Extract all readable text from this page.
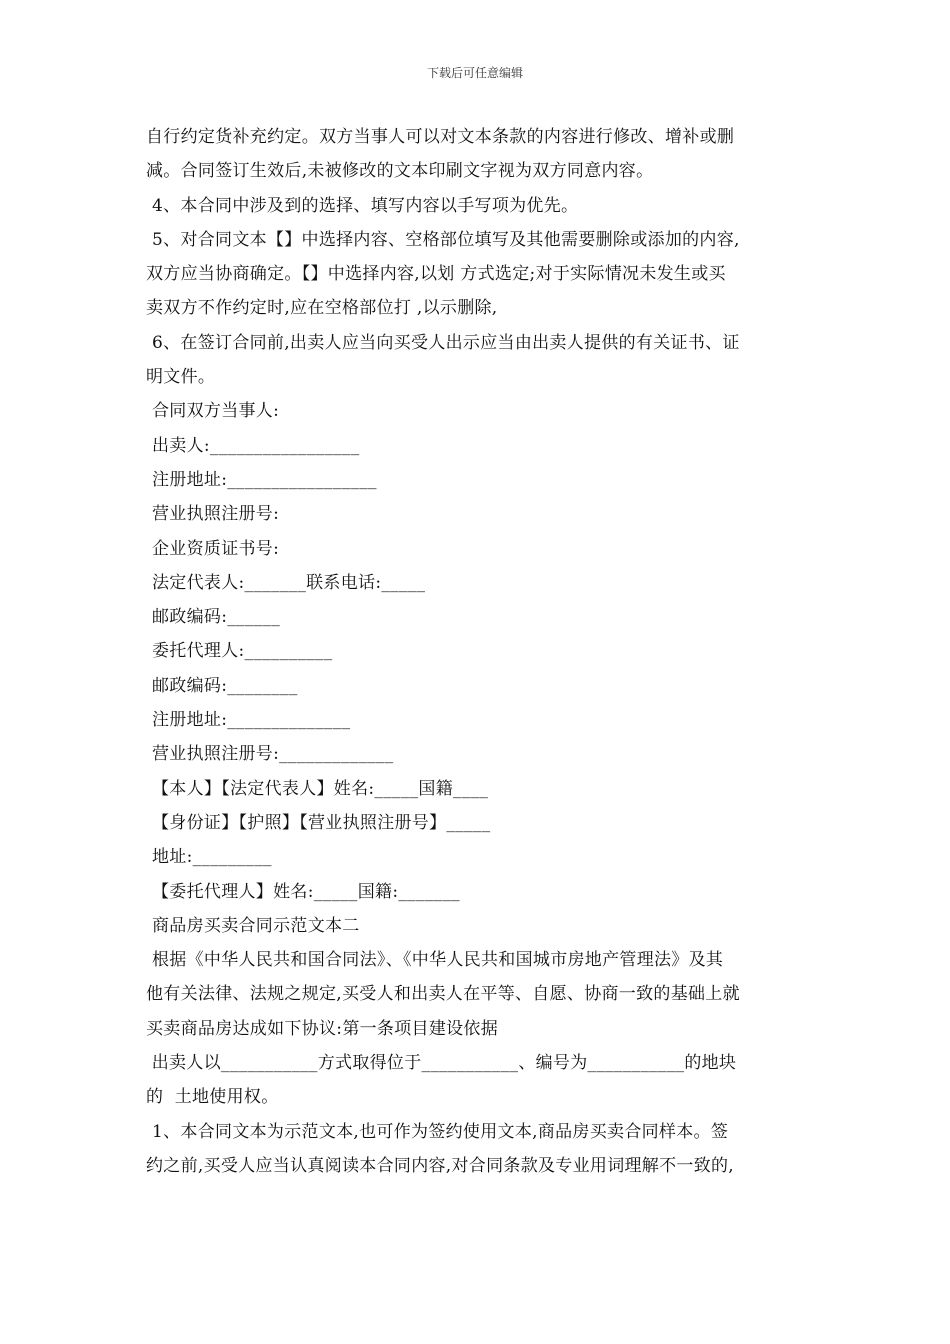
下载后可任意编辑

自行约定货补充约定。双方当事人可以对文本条款的内容进行修改、增补或删

减。合同签订生效后,未被修改的文本印刷文字视为双方同意内容。

4、本合同中涉及到的选择、填写内容以手写项为优先。

5、对合同文本【】中选择内容、空格部位填写及其他需要删除或添加的内容,

双方应当协商确定。【】中选择内容,以划 方式选定;对于实际情况未发生或买

卖双方不作约定时,应在空格部位打 ,以示删除,

6、在签订合同前,出卖人应当向买受人出示应当由出卖人提供的有关证书、证

明文件。

合同双方当事人:

出卖人:_________________

注册地址:_________________

营业执照注册号:

企业资质证书号:

法定代表人:_______联系电话:_____

邮政编码:______

委托代理人:__________

邮政编码:________

注册地址:______________

营业执照注册号:_____________

【本人】【法定代表人】姓名:_____国籍____

【身份证】【护照】【营业执照注册号】_____

地址:_________

【委托代理人】姓名:_____国籍:_______

商品房买卖合同示范文本二

根据《中华人民共和国合同法》、《中华人民共和国城市房地产管理法》及其

他有关法律、法规之规定,买受人和出卖人在平等、自愿、协商一致的基础上就

买卖商品房达成如下协议:第一条项目建设依据

出卖人以___________方式取得位于___________、编号为___________的地块

的  土地使用权。

1、本合同文本为示范文本,也可作为签约使用文本,商品房买卖合同样本。签

约之前,买受人应当认真阅读本合同内容,对合同条款及专业用词理解不一致的,
